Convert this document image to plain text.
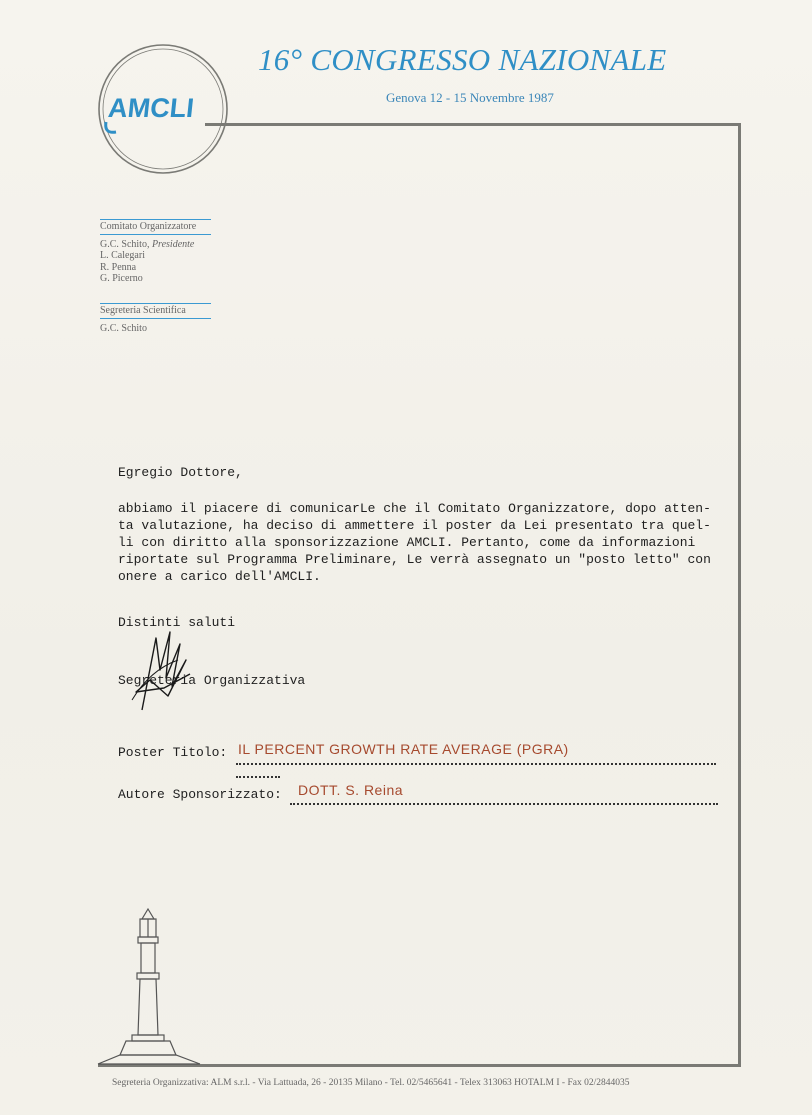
AMCLI
16° CONGRESSO NAZIONALE
Genova 12 - 15 Novembre 1987
Comitato Organizzatore
G.C. Schito, Presidente
L. Calegari
R. Penna
G. Picerno
Segreteria Scientifica
G.C. Schito
Egregio Dottore,
abbiamo il piacere di comunicarLe che il Comitato Organizzatore, dopo atten-
ta valutazione, ha deciso di ammettere il poster da Lei presentato tra quel-
li con diritto alla sponsorizzazione AMCLI. Pertanto, come da informazioni
riportate sul Programma Preliminare, Le verrà assegnato un "posto letto" con
onere a carico dell'AMCLI.
Distinti saluti
Segreteria Organizzativa
Poster Titolo: IL PERCENT GROWTH RATE AVERAGE (PGRA)
Autore Sponsorizzato: DOTT. S. Reina
Segreteria Organizzativa: ALM s.r.l. - Via Lattuada, 26 - 20135 Milano - Tel. 02/5465641 - Telex 313063 HOTALM I - Fax 02/2844035
